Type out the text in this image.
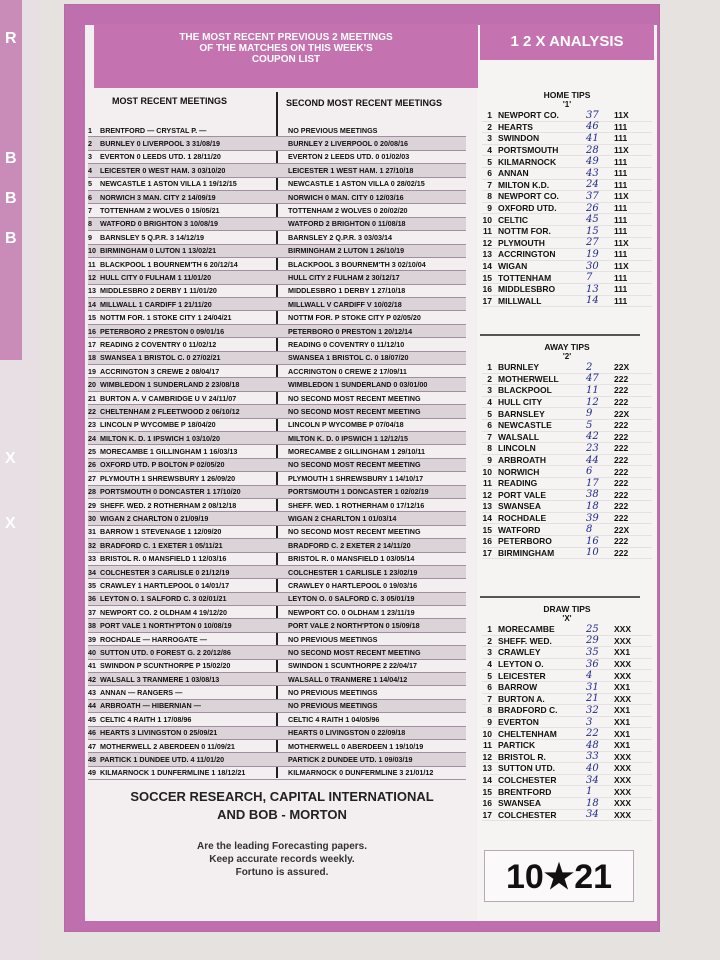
R
B
B
B
X
X
THE MOST RECENT PREVIOUS 2 MEETINGS
OF THE MATCHES ON THIS WEEK'S
COUPON LIST
1 2 X ANALYSIS
MOST RECENT MEETINGS	SECOND MOST RECENT MEETINGS
1	BRENTFORD — CRYSTAL P. —	NO PREVIOUS MEETINGS
2	BURNLEY 0 LIVERPOOL 3 31/08/19	BURNLEY 2 LIVERPOOL 0 20/08/16
3	EVERTON 0 LEEDS UTD. 1 28/11/20	EVERTON 2 LEEDS UTD. 0 01/02/03
4	LEICESTER 0 WEST HAM. 3 03/10/20	LEICESTER 1 WEST HAM. 1 27/10/18
5	NEWCASTLE 1 ASTON VILLA 1 19/12/15	NEWCASTLE 1 ASTON VILLA 0 28/02/15
6	NORWICH 3 MAN. CITY 2 14/09/19	NORWICH 0 MAN. CITY 0 12/03/16
7	TOTTENHAM 2 WOLVES 0 15/05/21	TOTTENHAM 2 WOLVES 0 20/02/20
8	WATFORD 0 BRIGHTON 3 10/08/19	WATFORD 2 BRIGHTON 0 11/08/18
9	BARNSLEY 5 Q.P.R. 3 14/12/19	BARNSLEY 2 Q.P.R. 3 03/03/14
10 BIRMINGHAM 0 LUTON 1 13/02/21	BIRMINGHAM 2 LUTON 1 26/10/19
11 BLACKPOOL 1 BOURNEM'TH 6 20/12/14	BLACKPOOL 3 BOURNEM'TH 3 02/10/04
12 HULL CITY 0 FULHAM 1 11/01/20	HULL CITY 2 FULHAM 2 30/12/17
13 MIDDLESBRO 2 DERBY 1 11/01/20	MIDDLESBRO 1 DERBY 1 27/10/18
14 MILLWALL 1 CARDIFF 1 21/11/20	MILLWALL V CARDIFF V 10/02/18
15 NOTTM FOR. 1 STOKE CITY 1 24/04/21	NOTTM FOR. P STOKE CITY P 02/05/20
16 PETERBORO 2 PRESTON 0 09/01/16	PETERBORO 0 PRESTON 1 20/12/14
17 READING 2 COVENTRY 0 11/02/12	READING 0 COVENTRY 0 11/12/10
18 SWANSEA 1 BRISTOL C. 0 27/02/21	SWANSEA 1 BRISTOL C. 0 18/07/20
19 ACCRINGTON 3 CREWE 2 08/04/17	ACCRINGTON 0 CREWE 2 17/09/11
20 WIMBLEDON 1 SUNDERLAND 2 23/08/18	WIMBLEDON 1 SUNDERLAND 0 03/01/00
21 BURTON A. V CAMBRIDGE U V 24/11/07	NO SECOND MOST RECENT MEETING
22 CHELTENHAM 2 FLEETWOOD 2 06/10/12	NO SECOND MOST RECENT MEETING
23 LINCOLN P WYCOMBE P 18/04/20	LINCOLN P WYCOMBE P 07/04/18
24 MILTON K. D. 1 IPSWICH 1 03/10/20	MILTON K. D. 0 IPSWICH 1 12/12/15
25 MORECAMBE 1 GILLINGHAM 1 16/03/13	MORECAMBE 2 GILLINGHAM 1 29/10/11
26 OXFORD UTD. P BOLTON P 02/05/20	NO SECOND MOST RECENT MEETING
27 PLYMOUTH 1 SHREWSBURY 1 26/09/20	PLYMOUTH 1 SHREWSBURY 1 14/10/17
28 PORTSMOUTH 0 DONCASTER 1 17/10/20	PORTSMOUTH 1 DONCASTER 1 02/02/19
29 SHEFF. WED. 2 ROTHERHAM 2 08/12/18	SHEFF. WED. 1 ROTHERHAM 0 17/12/16
30 WIGAN 2 CHARLTON 0 21/09/19	WIGAN 2 CHARLTON 1 01/03/14
31 BARROW 1 STEVENAGE 1 12/09/20	NO SECOND MOST RECENT MEETING
32 BRADFORD C. 1 EXETER 1 05/11/21	BRADFORD C. 2 EXETER 2 14/11/20
33 BRISTOL R. 0 MANSFIELD 1 12/03/16	BRISTOL R. 0 MANSFIELD 1 03/05/14
34 COLCHESTER 3 CARLISLE 0 21/12/19	COLCHESTER 1 CARLISLE 1 23/02/19
35 CRAWLEY 1 HARTLEPOOL 0 14/01/17	CRAWLEY 0 HARTLEPOOL 0 19/03/16
36 LEYTON O. 1 SALFORD C. 3 02/01/21	LEYTON O. 0 SALFORD C. 3 05/01/19
37 NEWPORT CO. 2 OLDHAM 4 19/12/20	NEWPORT CO. 0 OLDHAM 1 23/11/19
38 PORT VALE 1 NORTH'PTON 0 10/08/19	PORT VALE 2 NORTH'PTON 0 15/09/18
39 ROCHDALE — HARROGATE —	NO PREVIOUS MEETINGS
40 SUTTON UTD. 0 FOREST G. 2 20/12/86	NO SECOND MOST RECENT MEETING
41 SWINDON P SCUNTHORPE P 15/02/20	SWINDON 1 SCUNTHORPE 2 22/04/17
42 WALSALL 3 TRANMERE 1 03/08/13	WALSALL 0 TRANMERE 1 14/04/12
43 ANNAN — RANGERS —	NO PREVIOUS MEETINGS
44 ARBROATH — HIBERNIAN —	NO PREVIOUS MEETINGS
45 CELTIC 4 RAITH 1 17/08/96	CELTIC 4 RAITH 1 04/05/96
46 HEARTS 3 LIVINGSTON 0 25/09/21	HEARTS 0 LIVINGSTON 0 22/09/18
47 MOTHERWELL 2 ABERDEEN 0 11/09/21	MOTHERWELL 0 ABERDEEN 1 19/10/19
48 PARTICK 1 DUNDEE UTD. 4 11/01/20	PARTICK 2 DUNDEE UTD. 1 09/03/19
49 KILMARNOCK 1 DUNFERMLINE 1 18/12/21	KILMARNOCK 0 DUNFERMLINE 3 21/01/12
HOME TIPS
'1'
1 NEWPORT CO.	37	11X
2 HEARTS	46	111
3 SWINDON	41	111
4 PORTSMOUTH	28	11X
5 KILMARNOCK	49	111
6 ANNAN	43	111
7 MILTON K.D.	24	111
8 NEWPORT CO.	37	11X
9 OXFORD UTD.	26	111
10 CELTIC	45	111
11 NOTTM FOR.	15	111
12 PLYMOUTH	27	11X
13 ACCRINGTON	19	111
14 WIGAN	30	11X
15 TOTTENHAM	7	111
16 MIDDLESBRO	13	111
17 MILLWALL	14	111
AWAY TIPS
'2'
1 BURNLEY	2	22X
2 MOTHERWELL	47	222
3 BLACKPOOL	11	222
4 HULL CITY	12	222
5 BARNSLEY	9	22X
6 NEWCASTLE	5	222
7 WALSALL	42	222
8 LINCOLN	23	222
9 ARBROATH	44	222
10 NORWICH	6	222
11 READING	17	222
12 PORT VALE	38	222
13 SWANSEA	18	222
14 ROCHDALE	39	222
15 WATFORD	8	22X
16 PETERBORO	16	222
17 BIRMINGHAM	10	222
DRAW TIPS
'X'
1 MORECAMBE	25	XXX
2 SHEFF. WED.	29	XXX
3 CRAWLEY	35	XX1
4 LEYTON O.	36	XXX
5 LEICESTER	4	XXX
6 BARROW	31	XX1
7 BURTON A.	21	XXX
8 BRADFORD C.	32	XX1
9 EVERTON	3	XX1
10 CHELTENHAM	22	XX1
11 PARTICK	48	XX1
12 BRISTOL R.	33	XXX
13 SUTTON UTD.	40	XXX
14 COLCHESTER	34	XXX
15 BRENTFORD	1	XXX
16 SWANSEA	18	XXX
17 COLCHESTER	34	XXX
SOCCER RESEARCH, CAPITAL INTERNATIONAL
AND BOB - MORTON
Are the leading Forecasting papers.
Keep accurate records weekly.
Fortuno is assured.	10★21
